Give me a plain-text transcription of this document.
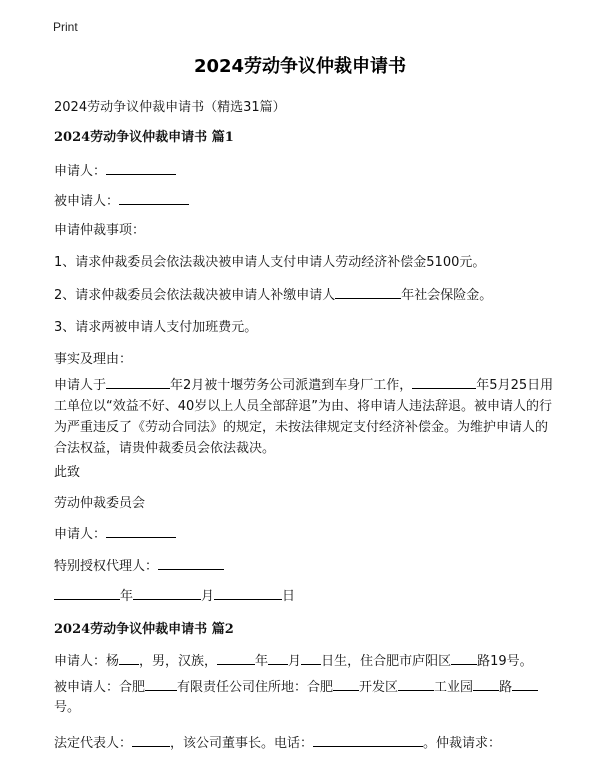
Print
2024劳动争议仲裁申请书
2024劳动争议仲裁申请书（精选31篇）
2024劳动争议仲裁申请书 篇1
申请人：
被申请人：
申请仲裁事项：
1、请求仲裁委员会依法裁决被申请人支付申请人劳动经济补偿金5100元。
2、请求仲裁委员会依法裁决被申请人补缴申请人	年社会保险金。
3、请求两被申请人支付加班费元。
事实及理由：
申请人于	年2月被十堰劳务公司派遣到车身厂工作，	年5月25日用工单位以“效益不好、40岁以上人员全部辞退”为由、将申请人违法辞退。被申请人的行为严重违反了《劳动合同法》的规定，未按法律规定支付经济补偿金。为维护申请人的合法权益，请贵仲裁委员会依法裁决。
此致
劳动仲裁委员会
申请人：
特别授权代理人：
年	月	日
2024劳动争议仲裁申请书 篇2
申请人：杨 ，男，汉族，	年 月 日生，住合肥市庐阳区 路19号。
被申请人：合肥 有限责任公司住所地：合肥 开发区	工业园 路号。
法定代表人：	，该公司董事长。电话：	。仲裁请求：
